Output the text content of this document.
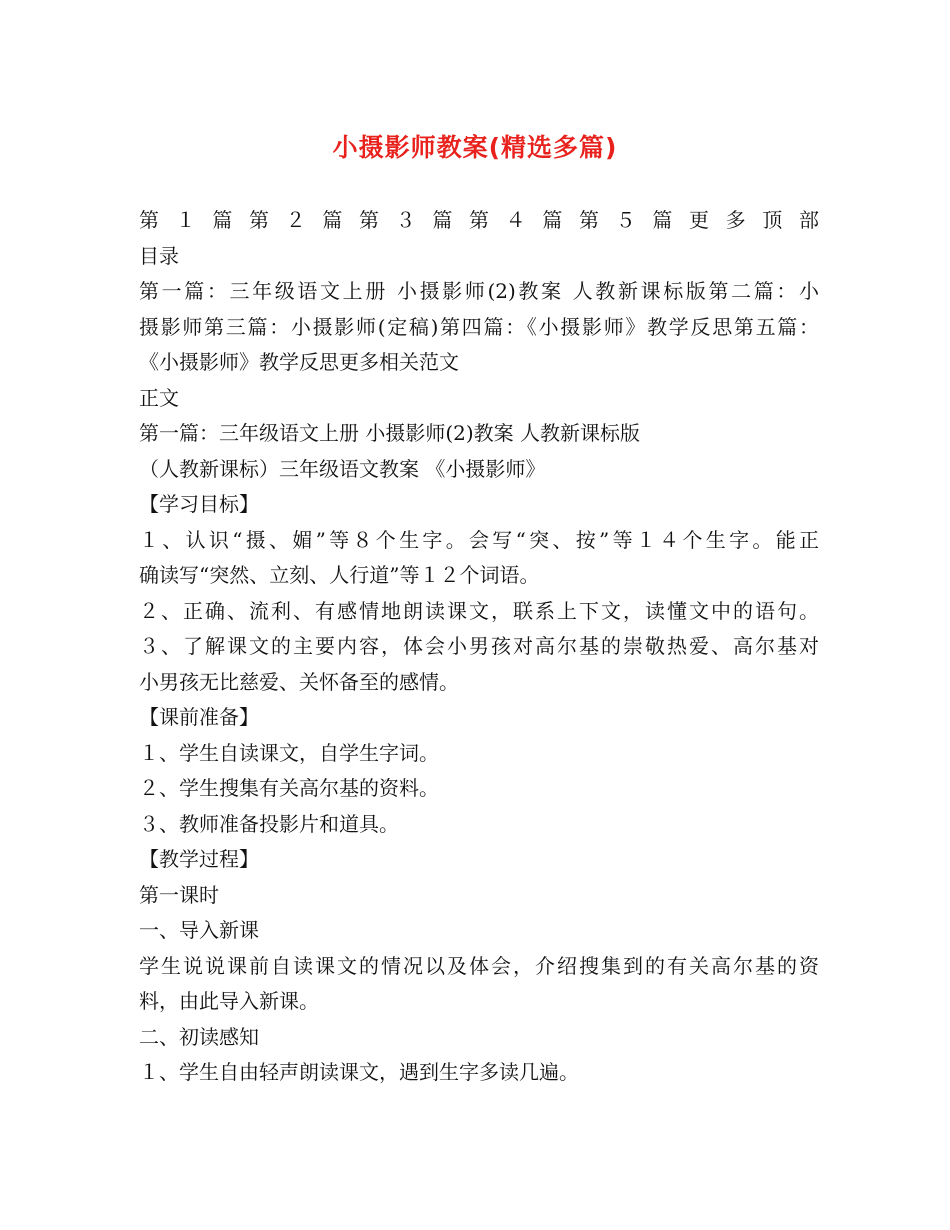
小摄影师教案(精选多篇)
第１篇第２篇第３篇第４篇第５篇更多顶部
目录
第一篇：三年级语文上册 小摄影师(2)教案 人教新课标版第二篇：小
摄影师第三篇：小摄影师(定稿)第四篇：《小摄影师》教学反思第五篇：
《小摄影师》教学反思更多相关范文
正文
第一篇：三年级语文上册 小摄影师(2)教案 人教新课标版
（人教新课标）三年级语文教案 《小摄影师》
【学习目标】
１、认识“摄、媚”等８个生字。会写“突、按”等１４个生字。能正
确读写“突然、立刻、人行道”等１２个词语。
２、正确、流利、有感情地朗读课文，联系上下文，读懂文中的语句。
３、了解课文的主要内容，体会小男孩对高尔基的崇敬热爱、高尔基对
小男孩无比慈爱、关怀备至的感情。
【课前准备】
１、学生自读课文，自学生字词。
２、学生搜集有关高尔基的资料。
３、教师准备投影片和道具。
【教学过程】
第一课时
一、导入新课
学生说说课前自读课文的情况以及体会，介绍搜集到的有关高尔基的资
料，由此导入新课。
二、初读感知
１、学生自由轻声朗读课文，遇到生字多读几遍。
